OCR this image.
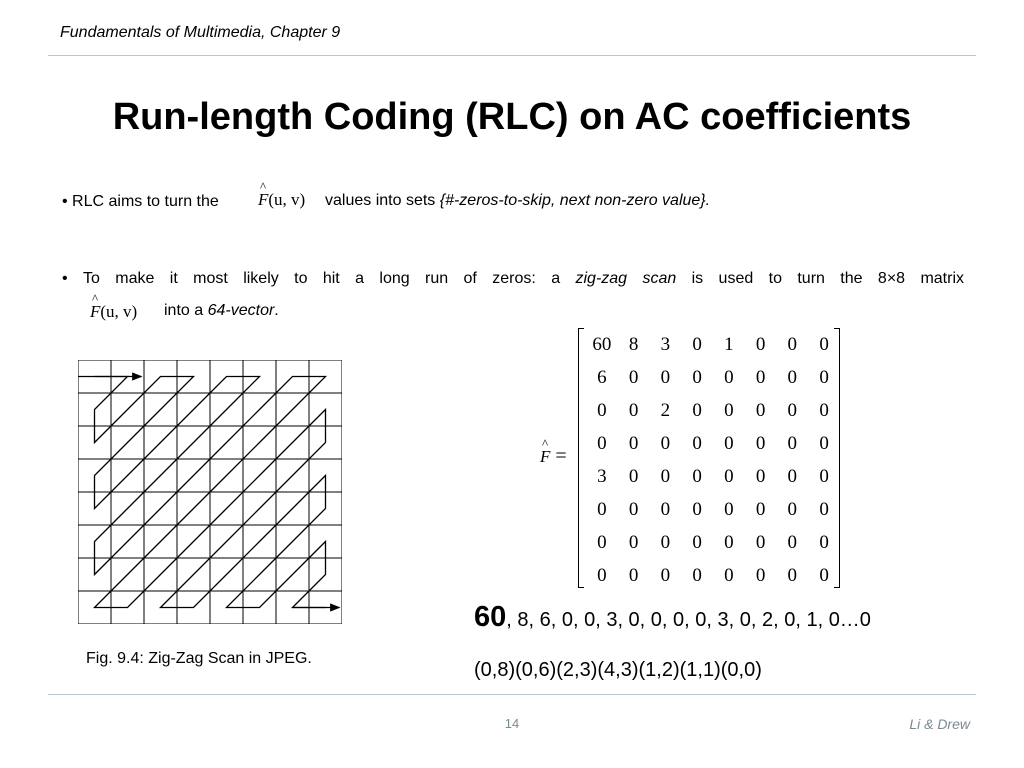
Fundamentals of Multimedia, Chapter 9
Run-length Coding (RLC) on AC coefficients
• RLC aims to turn the ^ F(u, v) values into sets {#-zeros-to-skip, next non-zero value}.
• To make it most likely to hit a long run of zeros: a zig-zag scan is used to turn the 8×8 matrix
^ F(u, v) into a 64-vector.
Fig. 9.4: Zig-Zag Scan in JPEG.
^ F =
60	8	3	0	1	0	0	0
6	0	0	0	0	0	0	0
0	0	2	0	0	0	0	0
0	0	0	0	0	0	0	0
3	0	0	0	0	0	0	0
0	0	0	0	0	0	0	0
0	0	0	0	0	0	0	0
0	0	0	0	0	0	0	0
60, 8, 6, 0, 0, 3, 0, 0, 0, 0, 3, 0, 2, 0, 1, 0…0
(0,8)(0,6)(2,3)(4,3)(1,2)(1,1)(0,0)
14	Li & Drew
